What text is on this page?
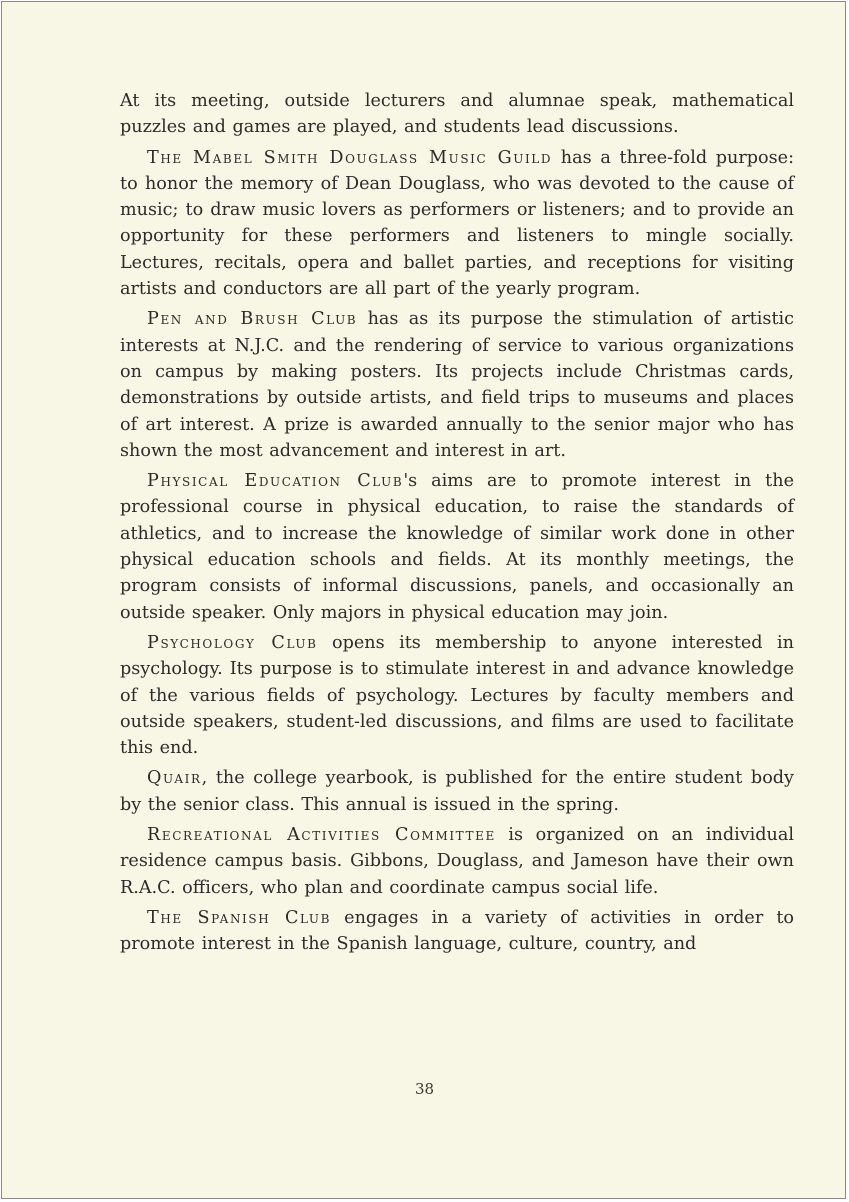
At its meeting, outside lecturers and alumnae speak, mathematical puzzles and games are played, and students lead discussions.

The Mabel Smith Douglass Music Guild has a three-fold purpose: to honor the memory of Dean Douglass, who was devoted to the cause of music; to draw music lovers as performers or listeners; and to provide an opportunity for these performers and listeners to mingle socially. Lectures, recitals, opera and ballet parties, and receptions for visiting artists and conductors are all part of the yearly program.

Pen and Brush Club has as its purpose the stimulation of artistic interests at N.J.C. and the rendering of service to various organizations on campus by making posters. Its projects include Christmas cards, demonstrations by outside artists, and field trips to museums and places of art interest. A prize is awarded annually to the senior major who has shown the most advancement and interest in art.

Physical Education Club's aims are to promote interest in the professional course in physical education, to raise the standards of athletics, and to increase the knowledge of similar work done in other physical education schools and fields. At its monthly meetings, the program consists of informal discussions, panels, and occasionally an outside speaker. Only majors in physical education may join.

Psychology Club opens its membership to anyone interested in psychology. Its purpose is to stimulate interest in and advance knowledge of the various fields of psychology. Lectures by faculty members and outside speakers, student-led discussions, and films are used to facilitate this end.

Quair, the college yearbook, is published for the entire student body by the senior class. This annual is issued in the spring.

Recreational Activities Committee is organized on an individual residence campus basis. Gibbons, Douglass, and Jameson have their own R.A.C. officers, who plan and coordinate campus social life.

The Spanish Club engages in a variety of activities in order to promote interest in the Spanish language, culture, country, and

38
